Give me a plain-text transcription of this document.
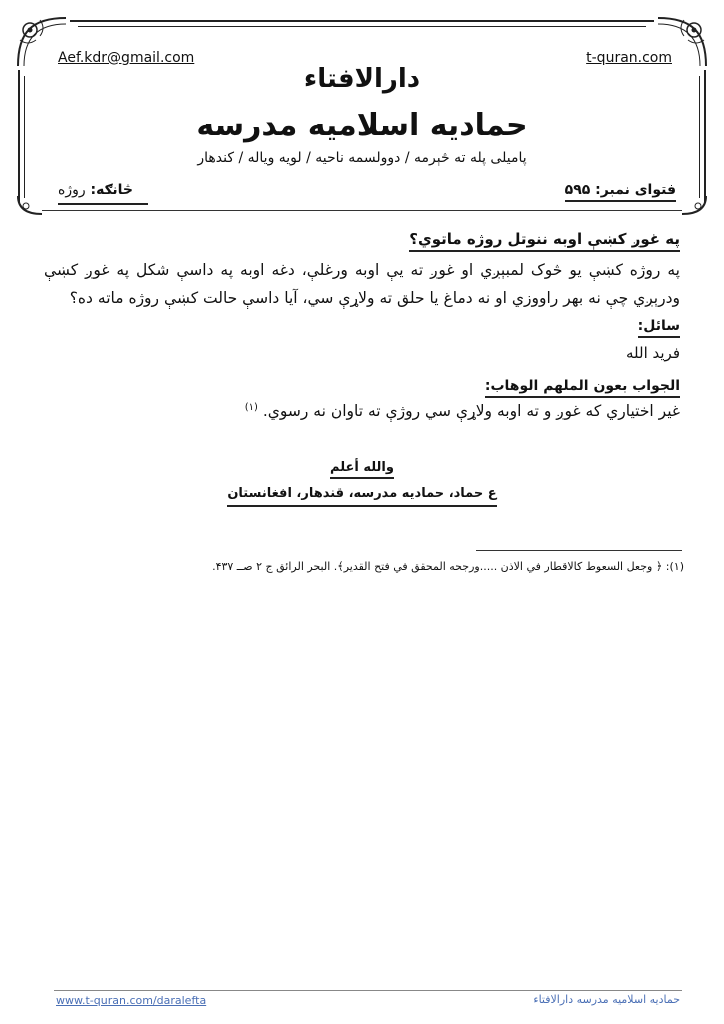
Aef.kdr@gmail.com	t-quran.com
دارالافتاء
حمادیه اسلامیه مدرسه
پامیلی پله ته څېرمه / دوولسمه ناحیه / لویه ویاله / کندهار
فتوای نمبر: ۵۹۵
څانګه: روژه
په غوږ کښې اوبه ننوتل روژه ماتوي؟
په روژه کښې یو څوک لمبېږي او غوږ ته یې اوبه ورغلې، دغه اوبه په داسې شکل په غوږ کښې ودرېږي چې نه بهر راووزي او نه دماغ یا حلق ته ولاړې سي، آیا داسې حالت کښې روژه ماته ده؟
سائل:
فرید الله
الجواب بعون الملهم الوهاب:
غیر اختیاري که غوږ و ته اوبه ولاړې سي روژې ته تاوان نه رسوي. $^{(۱)}$
والله أعلم
ع حماد، حمادیه مدرسه، قندهار، افغانستان
(۱): ﴿ وجعل السعوط كالاقطار في الاذن .....ورجحه المحقق في فتح القدير﴾. البحر الرائق ج ۲ صــ ۴۳۷.
www.t-quran.com/daralefta	حمادیه اسلامیه مدرسه دارالافتاء
